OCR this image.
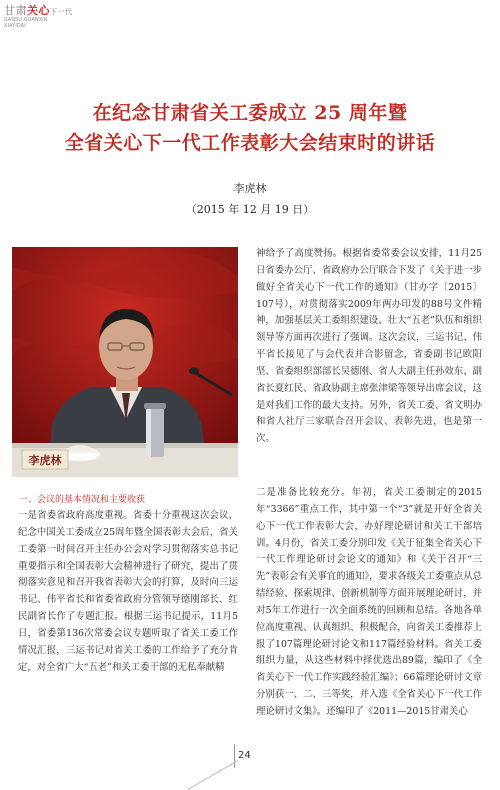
甘肃关心下一代
GANSU GUANXIN
XIAYIDAI
在纪念甘肃省关工委成立 25 周年暨
全省关心下一代工作表彰大会结束时的讲话
李虎林
（2015 年 12 月 19 日）
李虎林
一、会议的基本情况和主要收获

一是省委省政府高度重视。省委十分重视这次会议，纪念中国关工委成立25周年暨全国表彰大会后，省关工委第一时间召开主任办公会对学习贯彻落实总书记重要指示和全国表彰大会精神进行了研究，提出了贯彻落实意见和召开我省表彰大会的打算，及时向三运书记、伟平省长和省委省政府分管领导德刚部长、红民副省长作了专题汇报。根据三运书记提示，11月5日，省委第136次常委会议专题听取了省关工委工作情况汇报，三运书记对省关工委的工作给予了充分肯定，对全省广大“五老”和关工委干部的无私奉献精

神给予了高度赞扬。根据省委常委会议安排，11月25日省委办公厅、省政府办公厅联合下发了《关于进一步做好全省关心下一代工作的通知》（甘办字〔2015〕107号），对贯彻落实2009年两办印发的88号文件精神，加强基层关工委组织建设、壮大“五老”队伍和组织领导等方面再次进行了强调。这次会议，三运书记、伟平省长接见了与会代表并合影留念，省委副书记欧阳坚、省委组织部部长吴德刚、省人大副主任孙效东、副省长夏红民、省政协副主席张津梁等领导出席会议，这是对我们工作的最大支持。另外，省关工委、省文明办和省人社厅三家联合召开会议、表彰先进，也是第一次。

二是准备比较充分。年初，省关工委制定的2015年“3366”重点工作，其中第一个“3”就是开好全省关心下一代工作表彰大会，办好理论研讨和关工干部培训。4月份，省关工委分别印发《关于征集全省关心下一代工作理论研讨会论文的通知》和《关于召开“三先”表彰会有关事宜的通知》，要求各级关工委重点从总结经验、探索规律、创新机制等方面开展理论研讨，并对5年工作进行一次全面系统的回顾和总结。各地各单位高度重视、认真组织、积极配合，向省关工委推荐上报了107篇理论研讨论文和117篇经验材料。省关工委组织力量，从这些材料中择优选出89篇，编印了《全省关心下一代工作实践经验汇编》；66篇理论研讨文章分别获一、二、三等奖，并入选《全省关心下一代工作理论研讨文集》。还编印了《2011—2015甘肃关心

24
